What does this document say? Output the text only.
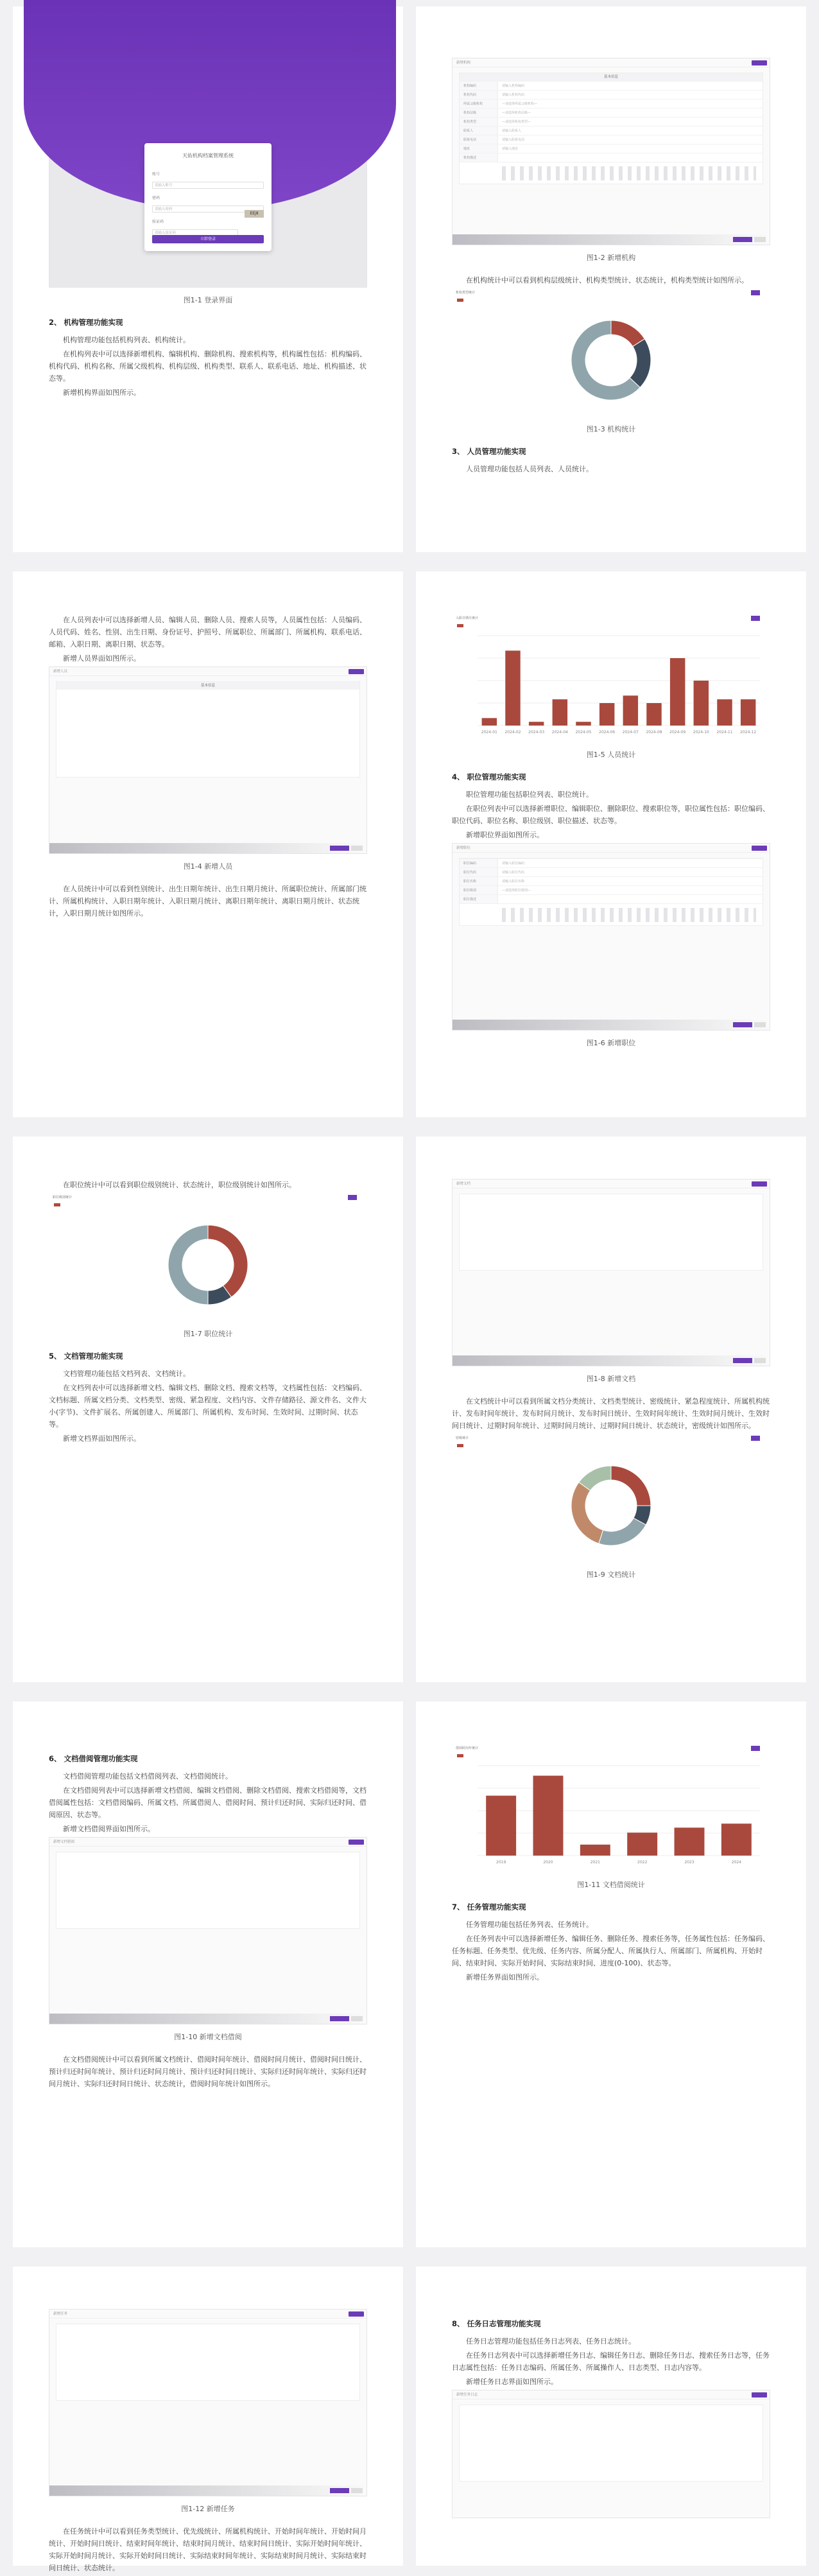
天佑机构档案管理系统
账号
请输入账号
密码
请输入密码
验证码
请输入验证码
EEj8
立即登录
图1-1 登录界面
2、 机构管理功能实现
机构管理功能包括机构列表、机构统计。
在机构列表中可以选择新增机构、编辑机构、删除机构、搜索机构等，机构属性包括：机构编码、机构代码、机构名称、所属父级机构、机构层级、机构类型、联系人、联系电话、地址、机构描述、状态等。
新增机构界面如图所示。
新增机构
基本信息
机构编码	请输入机构编码
机构代码	请输入机构代码
所属父级机构	—请选择所属父级机构—
机构层级	—请选择机构层级—
机构类型	—请选择机构类型—
联系人	请输入联系人
联系电话	请输入联系电话
地址	请输入地址
机构描述
图1-2 新增机构
在机构统计中可以看到机构层级统计、机构类型统计、状态统计，机构类型统计如图所示。
机构类型统计
图1-3 机构统计
3、 人员管理功能实现
人员管理功能包括人员列表、人员统计。
在人员列表中可以选择新增人员、编辑人员、删除人员、搜索人员等，人员属性包括：人员编码、人员代码、姓名、性别、出生日期、身份证号、护照号、所属职位、所属部门、所属机构、联系电话、邮箱、入职日期、离职日期、状态等。
新增人员界面如图所示。
新增人员
基本信息
图1-4 新增人员
在人员统计中可以看到性别统计、出生日期年统计、出生日期月统计、所属职位统计、所属部门统计、所属机构统计、入职日期年统计、入职日期月统计、离职日期年统计、离职日期月统计、状态统计，入职日期月统计如图所示。
入职日期月统计
2024-01 2024-02 2024-03 2024-04 2024-05 2024-06 2024-07 2024-08 2024-09 2024-10 2024-11 2024-12
图1-5 人员统计
4、 职位管理功能实现
职位管理功能包括职位列表、职位统计。
在职位列表中可以选择新增职位、编辑职位、删除职位、搜索职位等，职位属性包括：职位编码、职位代码、职位名称、职位级别、职位描述、状态等。
新增职位界面如图所示。
新增职位
职位编码	请输入职位编码
职位代码	请输入职位代码
职位名称	请输入职位名称
职位级别	—请选择职位级别—
职位描述
图1-6 新增职位
在职位统计中可以看到职位级别统计、状态统计，职位级别统计如图所示。
职位级别统计
图1-7 职位统计
5、 文档管理功能实现
文档管理功能包括文档列表、文档统计。
在文档列表中可以选择新增文档、编辑文档、删除文档、搜索文档等，文档属性包括：文档编码、文档标题、所属文档分类、文档类型、密级、紧急程度、文档内容、文件存储路径、源文件名、文件大小(字节)、文件扩展名、所属创建人、所属部门、所属机构、发布时间、生效时间、过期时间、状态等。
新增文档界面如图所示。
新增文档
图1-8 新增文档
在文档统计中可以看到所属文档分类统计、文档类型统计、密级统计、紧急程度统计、所属机构统计、发布时间年统计、发布时间月统计、发布时间日统计、生效时间年统计、生效时间月统计、生效时间日统计、过期时间年统计、过期时间月统计、过期时间日统计、状态统计，密级统计如图所示。
密级统计
图1-9 文档统计
6、 文档借阅管理功能实现
文档借阅管理功能包括文档借阅列表、文档借阅统计。
在文档借阅列表中可以选择新增文档借阅、编辑文档借阅、删除文档借阅、搜索文档借阅等，文档借阅属性包括：文档借阅编码、所属文档、所属借阅人、借阅时间、预计归还时间、实际归还时间、借阅原因、状态等。
新增文档借阅界面如图所示。
新增文档借阅
图1-10 新增文档借阅
在文档借阅统计中可以看到所属文档统计、借阅时间年统计、借阅时间月统计、借阅时间日统计、预计归还时间年统计、预计归还时间月统计、预计归还时间日统计、实际归还时间年统计、实际归还时间月统计、实际归还时间日统计、状态统计，借阅时间年统计如图所示。
借阅时间年统计
2019	2020	2021	2022	2023	2024
图1-11 文档借阅统计
7、 任务管理功能实现
任务管理功能包括任务列表、任务统计。
在任务列表中可以选择新增任务、编辑任务、删除任务、搜索任务等，任务属性包括：任务编码、任务标题、任务类型、优先级、任务内容、所属分配人、所属执行人、所属部门、所属机构、开始时间、结束时间、实际开始时间、实际结束时间、进度(0-100)、状态等。
新增任务界面如图所示。
新增任务
图1-12 新增任务
在任务统计中可以看到任务类型统计、优先级统计、所属机构统计、开始时间年统计、开始时间月统计、开始时间日统计、结束时间年统计、结束时间月统计、结束时间日统计、实际开始时间年统计、实际开始时间月统计、实际开始时间日统计、实际结束时间年统计、实际结束时间月统计、实际结束时间日统计、状态统计。
8、 任务日志管理功能实现
任务日志管理功能包括任务日志列表、任务日志统计。
在任务日志列表中可以选择新增任务日志、编辑任务日志、删除任务日志、搜索任务日志等，任务日志属性包括：任务日志编码、所属任务、所属操作人、日志类型、日志内容等。
新增任务日志界面如图所示。
新增任务日志
